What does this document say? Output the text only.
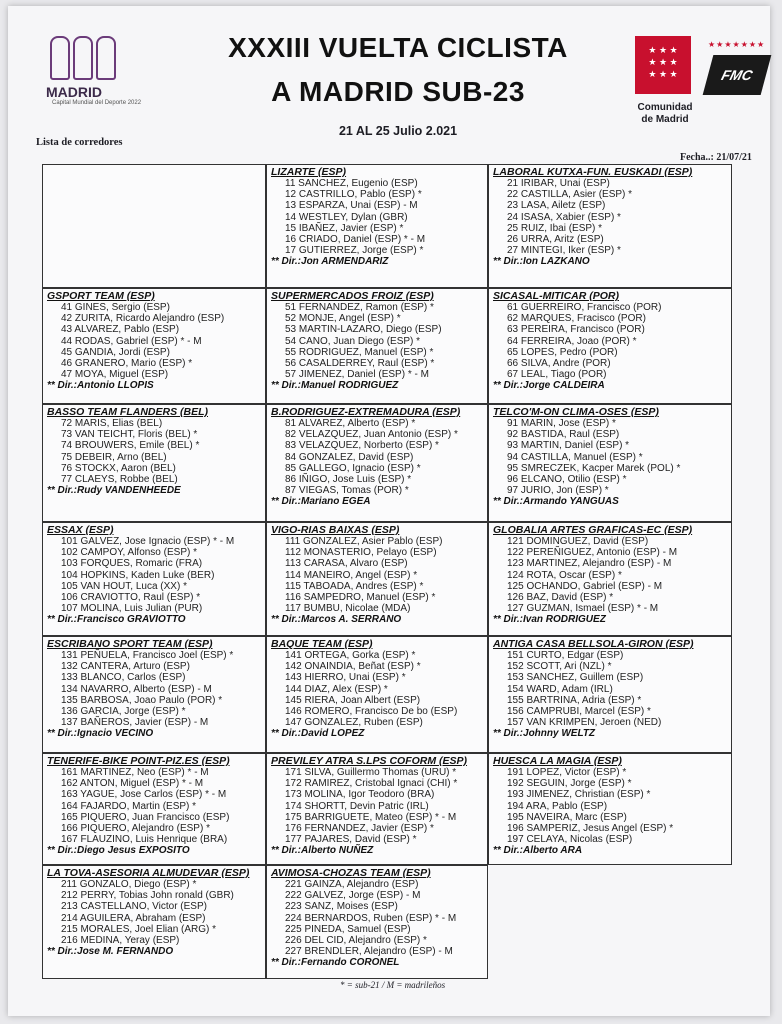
MADRID
Capital Mundial del Deporte 2022
XXXIII VUELTA CICLISTA
A MADRID SUB-23
21 AL 25 Julio 2.021
★ ★ ★
★ ★ ★
★ ★ ★
Comunidad
de Madrid
★★★★★★★
FMC
Lista de corredores
Fecha..: 21/07/21
LIZARTE (ESP)
11 SANCHEZ, Eugenio (ESP)
12 CASTRILLO, Pablo (ESP) *
13 ESPARZA, Unai (ESP) - M
14 WESTLEY, Dylan (GBR)
15 IBAÑEZ, Javier (ESP) *
16 CRIADO, Daniel (ESP) * - M
17 GUTIERREZ, Jorge (ESP) *
** Dir.:Jon ARMENDARIZ
LABORAL KUTXA-FUN. EUSKADI (ESP)
21 IRIBAR, Unai (ESP)
22 CASTILLA, Asier (ESP) *
23 LASA, Ailetz (ESP)
24 ISASA, Xabier (ESP) *
25 RUIZ, Ibai (ESP) *
26 URRA, Aritz (ESP)
27 MINTEGI, Iker (ESP) *
** Dir.:Ion LAZKANO
GSPORT TEAM (ESP)
41 GINES, Sergio (ESP)
42 ZURITA, Ricardo Alejandro (ESP)
43 ALVAREZ, Pablo (ESP)
44 RODAS, Gabriel (ESP) * - M
45 GANDIA, Jordi (ESP)
46 GRANERO, Mario (ESP) *
47 MOYA, Miguel (ESP)
** Dir.:Antonio LLOPIS
SUPERMERCADOS FROIZ (ESP)
51 FERNANDEZ, Ramon (ESP) *
52 MONJE, Angel (ESP) *
53 MARTIN-LAZARO, Diego (ESP)
54 CANO, Juan Diego (ESP) *
55 RODRIGUEZ, Manuel (ESP) *
56 CASALDERREY, Raul (ESP) *
57 JIMENEZ, Daniel (ESP) * - M
** Dir.:Manuel RODRIGUEZ
SICASAL-MITICAR (POR)
61 GUERREIRO, Francisco (POR)
62 MARQUES, Fracisco (POR)
63 PEREIRA, Francisco (POR)
64 FERREIRA, Joao (POR) *
65 LOPES, Pedro (POR)
66 SILVA, Andre (POR)
67 LEAL, Tiago (POR)
** Dir.:Jorge CALDEIRA
BASSO TEAM FLANDERS (BEL)
72 MARIS, Elias (BEL)
73 VAN TEICHT, Floris (BEL) *
74 BROUWERS, Emile (BEL) *
75 DEBEIR, Arno (BEL)
76 STOCKX, Aaron (BEL)
77 CLAEYS, Robbe (BEL)
** Dir.:Rudy VANDENHEEDE
B.RODRIGUEZ-EXTREMADURA (ESP)
81 ALVAREZ, Alberto (ESP) *
82 VELAZQUEZ, Juan Antonio (ESP) *
83 VELAZQUEZ, Norberto (ESP) *
84 GONZALEZ, David (ESP)
85 GALLEGO, Ignacio (ESP) *
86 IÑIGO, Jose Luis (ESP) *
87 VIEGAS, Tomas (POR) *
** Dir.:Mariano EGEA
TELCO'M-ON CLIMA-OSES (ESP)
91 MARIN, Jose (ESP) *
92 BASTIDA, Raul (ESP)
93 MARTIN, Daniel (ESP) *
94 CASTILLA, Manuel (ESP) *
95 SMRECZEK, Kacper Marek (POL) *
96 ELCANO, Otilio (ESP) *
97 JURIO, Jon (ESP) *
** Dir.:Armando YANGUAS
ESSAX (ESP)
101 GALVEZ, Jose Ignacio (ESP) * - M
102 CAMPOY, Alfonso (ESP) *
103 FORQUES, Romaric (FRA)
104 HOPKINS, Kaden Luke (BER)
105 VAN HOUT, Luca (XX) *
106 CRAVIOTTO, Raul (ESP) *
107 MOLINA, Luis Julian (PUR)
** Dir.:Francisco GRAVIOTTO
VIGO-RIAS BAIXAS (ESP)
111 GONZALEZ, Asier Pablo (ESP)
112 MONASTERIO, Pelayo (ESP)
113 CARASA, Alvaro (ESP)
114 MANEIRO, Angel (ESP) *
115 TABOADA, Andres (ESP) *
116 SAMPEDRO, Manuel (ESP) *
117 BUMBU, Nicolae (MDA)
** Dir.:Marcos A. SERRANO
GLOBALIA ARTES GRAFICAS-EC (ESP)
121 DOMINGUEZ, David (ESP)
122 PEREÑIGUEZ, Antonio (ESP) - M
123 MARTINEZ, Alejandro (ESP) - M
124 ROTA, Oscar (ESP) *
125 OCHANDO, Gabriel (ESP) - M
126 BAZ, David (ESP) *
127 GUZMAN, Ismael (ESP) * - M
** Dir.:Ivan RODRIGUEZ
ESCRIBANO SPORT TEAM (ESP)
131 PEÑUELA, Francisco Joel (ESP) *
132 CANTERA, Arturo (ESP)
133 BLANCO, Carlos (ESP)
134 NAVARRO, Alberto (ESP) - M
135 BARBOSA, Joao Paulo (POR) *
136 GARCIA, Jorge (ESP) *
137 BAÑEROS, Javier (ESP) - M
** Dir.:Ignacio VECINO
BAQUE TEAM (ESP)
141 ORTEGA, Gorka (ESP) *
142 ONAINDIA, Beñat (ESP) *
143 HIERRO, Unai (ESP) *
144 DIAZ, Alex (ESP) *
145 RIERA, Joan Albert (ESP)
146 ROMERO, Francisco De bo (ESP)
147 GONZALEZ, Ruben (ESP)
** Dir.:David LOPEZ
ANTIGA CASA BELLSOLA-GIRON (ESP)
151 CURTO, Edgar (ESP)
152 SCOTT, Ari (NZL) *
153 SANCHEZ, Guillem (ESP)
154 WARD, Adam (IRL)
155 BARTRINA, Adria (ESP) *
156 CAMPRUBI, Marcel (ESP) *
157 VAN KRIMPEN, Jeroen (NED)
** Dir.:Johnny WELTZ
TENERIFE-BIKE POINT-PIZ.ES (ESP)
161 MARTINEZ, Neo (ESP) * - M
162 ANTON, Miguel (ESP) * - M
163 YAGUE, Jose Carlos (ESP) * - M
164 FAJARDO, Martin (ESP) *
165 PIQUERO, Juan Francisco (ESP)
166 PIQUERO, Alejandro (ESP) *
167 FLAUZINO, Luis Henrique (BRA)
** Dir.:Diego Jesus EXPOSITO
PREVILEY ATRA S.LPS COFORM (ESP)
171 SILVA, Guillermo Thomas (URU) *
172 RAMIREZ, Cristobal Ignaci (CHI) *
173 MOLINA, Igor Teodoro (BRA)
174 SHORTT, Devin Patric (IRL)
175 BARRIGUETE, Mateo (ESP) * - M
176 FERNANDEZ, Javier (ESP) *
177 PAJARES, David (ESP) *
** Dir.:Alberto NUÑEZ
HUESCA LA MAGIA (ESP)
191 LOPEZ, Victor (ESP) *
192 SEGUIN, Jorge (ESP) *
193 JIMENEZ, Christian (ESP) *
194 ARA, Pablo (ESP)
195 NAVEIRA, Marc (ESP)
196 SAMPERIZ, Jesus Angel (ESP) *
197 CELAYA, Nicolas (ESP)
** Dir.:Alberto ARA
LA TOVA-ASESORIA ALMUDEVAR (ESP)
211 GONZALO, Diego (ESP) *
212 PERRY, Tobias John ronald (GBR)
213 CASTELLANO, Victor (ESP)
214 AGUILERA, Abraham (ESP)
215 MORALES, Joel Elian (ARG) *
216 MEDINA, Yeray (ESP)
** Dir.:Jose M. FERNANDO
AVIMOSA-CHOZAS TEAM (ESP)
221 GAINZA, Alejandro (ESP)
222 GALVEZ, Jorge (ESP) - M
223 SANZ, Moises (ESP)
224 BERNARDOS, Ruben (ESP) * - M
225 PINEDA, Samuel (ESP)
226 DEL CID, Alejandro (ESP) *
227 BRENDLER, Alejandro (ESP) - M
** Dir.:Fernando CORONEL
* = sub-21 / M = madrileños
